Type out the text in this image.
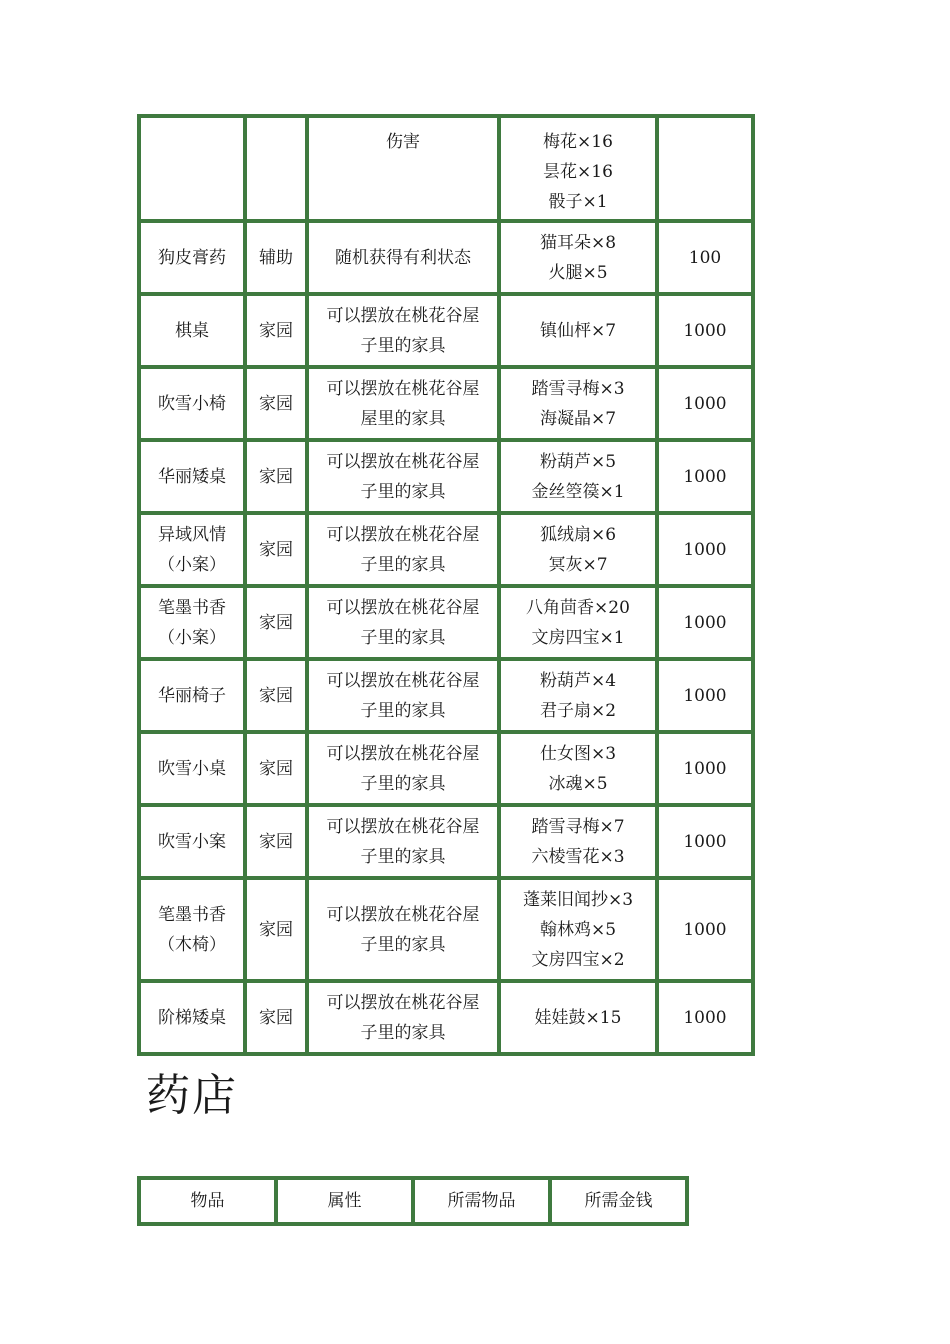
		伤害	梅花×16
昙花×16
骰子×1	

狗皮膏药	辅助	随机获得有利状态	猫耳朵×8
火腿×5	100

棋桌	家园	可以摆放在桃花谷屋
子里的家具	镇仙枰×7	1000

吹雪小椅	家园	可以摆放在桃花谷屋
屋里的家具	踏雪寻梅×3
海凝晶×7	1000

华丽矮桌	家园	可以摆放在桃花谷屋
子里的家具	粉葫芦×5
金丝箜篌×1	1000

异域风情
（小案）	家园	可以摆放在桃花谷屋
子里的家具	狐绒扇×6
冥灰×7	1000

笔墨书香
（小案）	家园	可以摆放在桃花谷屋
子里的家具	八角茴香×20
文房四宝×1	1000

华丽椅子	家园	可以摆放在桃花谷屋
子里的家具	粉葫芦×4
君子扇×2	1000

吹雪小桌	家园	可以摆放在桃花谷屋
子里的家具	仕女图×3
冰魂×5	1000

吹雪小案	家园	可以摆放在桃花谷屋
子里的家具	踏雪寻梅×7
六棱雪花×3	1000

笔墨书香
（木椅）	家园	可以摆放在桃花谷屋
子里的家具	蓬莱旧闻抄×3
翰林鸡×5
文房四宝×2	1000

阶梯矮桌	家园	可以摆放在桃花谷屋
子里的家具	娃娃鼓×15	1000
药店
物品	属性	所需物品	所需金钱
